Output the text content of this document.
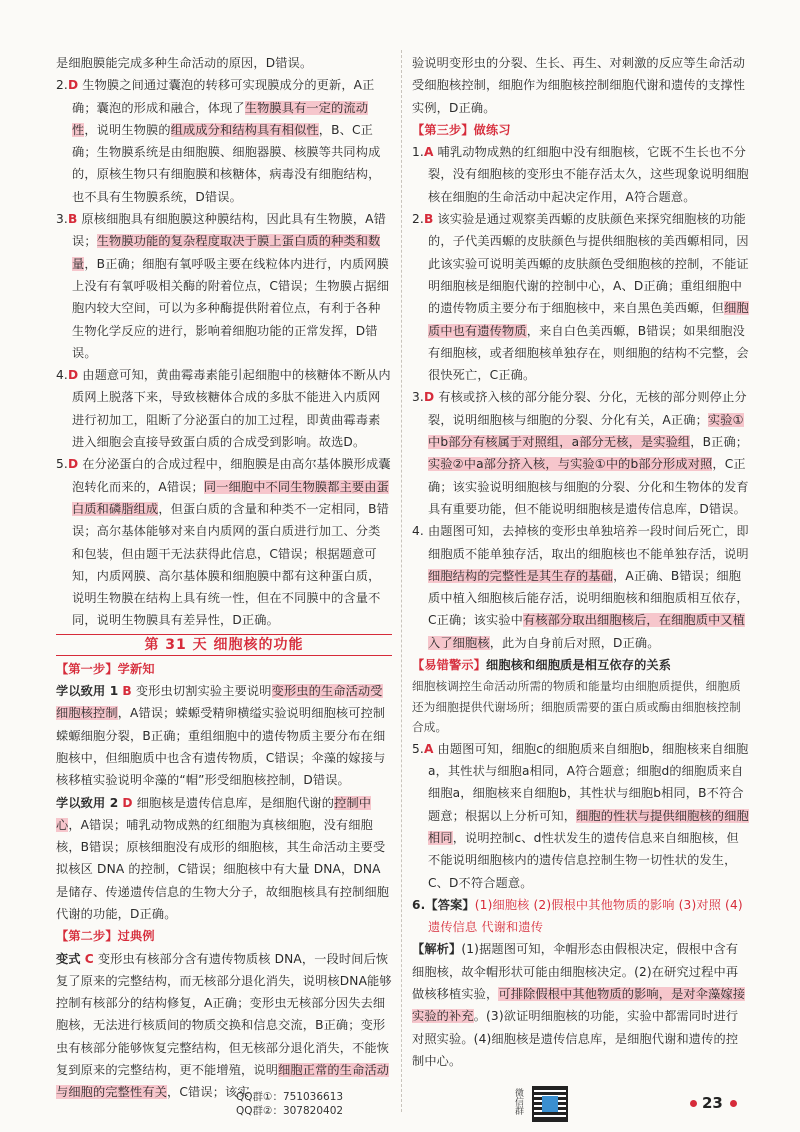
是细胞膜能完成多种生命活动的原因，D错误。

2.D 生物膜之间通过囊泡的转移可实现膜成分的更新，A正确；囊泡的形成和融合，体现了生物膜具有一定的流动性，说明生物膜的组成成分和结构具有相似性，B、C正确；生物膜系统是由细胞膜、细胞器膜、核膜等共同构成的，原核生物只有细胞膜和核糖体，病毒没有细胞结构，也不具有生物膜系统，D错误。

3.B 原核细胞具有细胞膜这种膜结构，因此具有生物膜，A错误；生物膜功能的复杂程度取决于膜上蛋白质的种类和数量，B正确；细胞有氧呼吸主要在线粒体内进行，内质网膜上没有有氧呼吸相关酶的附着位点，C错误；生物膜占据细胞内较大空间，可以为多种酶提供附着位点，有利于各种生物化学反应的进行，影响着细胞功能的正常发挥，D错误。

4.D 由题意可知，黄曲霉毒素能引起细胞中的核糖体不断从内质网上脱落下来，导致核糖体合成的多肽不能进入内质网进行初加工，阻断了分泌蛋白的加工过程，即黄曲霉毒素进入细胞会直接导致蛋白质的合成受到影响。故选D。

5.D 在分泌蛋白的合成过程中，细胞膜是由高尔基体膜形成囊泡转化而来的，A错误；同一细胞中不同生物膜都主要由蛋白质和磷脂组成，但蛋白质的含量和种类不一定相同，B错误；高尔基体能够对来自内质网的蛋白质进行加工、分类和包装，但由题干无法获得此信息，C错误；根据题意可知，内质网膜、高尔基体膜和细胞膜中都有这种蛋白质，说明生物膜在结构上具有统一性，但在不同膜中的含量不同，说明生物膜具有差异性，D正确。

第 31 天 细胞核的功能

【第一步】学新知

学以致用 1 B 变形虫切割实验主要说明变形虫的生命活动受细胞核控制，A错误；蝾螈受精卵横缢实验说明细胞核可控制蝾螈细胞分裂，B正确；重组细胞中的遗传物质主要分布在细胞核中，但细胞质中也含有遗传物质，C错误；伞藻的嫁接与核移植实验说明伞藻的“帽”形受细胞核控制，D错误。

学以致用 2 D 细胞核是遗传信息库，是细胞代谢的控制中心，A错误；哺乳动物成熟的红细胞为真核细胞，没有细胞核，B错误；原核细胞没有成形的细胞核，其生命活动主要受拟核区 DNA 的控制，C错误；细胞核中有大量 DNA，DNA是储存、传递遗传信息的生物大分子，故细胞核具有控制细胞代谢的功能，D正确。

【第二步】过典例

变式 C 变形虫有核部分含有遗传物质核 DNA，一段时间后恢复了原来的完整结构，而无核部分退化消失，说明核DNA能够控制有核部分的结构修复，A正确；变形虫无核部分因失去细胞核，无法进行核质间的物质交换和信息交流，B正确；变形虫有核部分能够恢复完整结构，但无核部分退化消失，不能恢复到原来的完整结构，更不能增殖，说明细胞正常的生命活动与细胞的完整性有关，C错误；该实

验说明变形虫的分裂、生长、再生、对刺激的反应等生命活动受细胞核控制，细胞作为细胞核控制细胞代谢和遗传的支撑性实例，D正确。

【第三步】做练习

1.A 哺乳动物成熟的红细胞中没有细胞核，它既不生长也不分裂，没有细胞核的变形虫不能存活太久，这些现象说明细胞核在细胞的生命活动中起决定作用，A符合题意。

2.B 该实验是通过观察美西螈的皮肤颜色来探究细胞核的功能的，子代美西螈的皮肤颜色与提供细胞核的美西螈相同，因此该实验可说明美西螈的皮肤颜色受细胞核的控制，不能证明细胞核是细胞代谢的控制中心，A、D正确；重组细胞中的遗传物质主要分布于细胞核中，来自黑色美西螈，但细胞质中也有遗传物质，来自白色美西螈，B错误；如果细胞没有细胞核，或者细胞核单独存在，则细胞的结构不完整，会很快死亡，C正确。

3.D 有核或挤入核的部分能分裂、分化，无核的部分则停止分裂，说明细胞核与细胞的分裂、分化有关，A正确；实验①中b部分有核属于对照组，a部分无核，是实验组，B正确；实验②中a部分挤入核，与实验①中的b部分形成对照，C正确；该实验说明细胞核与细胞的分裂、分化和生物体的发育具有重要功能，但不能说明细胞核是遗传信息库，D错误。

4. 由题图可知，去掉核的变形虫单独培养一段时间后死亡，即细胞质不能单独存活，取出的细胞核也不能单独存活，说明细胞结构的完整性是其生存的基础，A正确、B错误；细胞质中植入细胞核后能存活，说明细胞核和细胞质相互依存，C正确；该实验中有核部分取出细胞核后，在细胞质中又植入了细胞核，此为自身前后对照，D正确。

【易错警示】细胞核和细胞质是相互依存的关系

细胞核调控生命活动所需的物质和能量均由细胞质提供，细胞质还为细胞提供代谢场所；细胞质需要的蛋白质或酶由细胞核控制合成。

5.A 由题图可知，细胞c的细胞质来自细胞b，细胞核来自细胞a，其性状与细胞a相同，A符合题意；细胞d的细胞质来自细胞a，细胞核来自细胞b，其性状与细胞b相同，B不符合题意；根据以上分析可知，细胞的性状与提供细胞核的细胞相同，说明控制c、d性状发生的遗传信息来自细胞核，但不能说明细胞核内的遗传信息控制生物一切性状的发生，C、D不符合题意。

6.【答案】(1)细胞核 (2)假根中其他物质的影响 (3)对照 (4)遗传信息 代谢和遗传

【解析】(1)据题图可知，伞帽形态由假根决定，假根中含有细胞核，故伞帽形状可能由细胞核决定。(2)在研究过程中再做核移植实验，可排除假根中其他物质的影响，是对伞藻嫁接实验的补充。(3)欲证明细胞核的功能，实验中都需同时进行对照实验。(4)细胞核是遗传信息库，是细胞代谢和遗传的控制中心。

QQ群①：751036613
QQ群②：307820402	微信群	23
